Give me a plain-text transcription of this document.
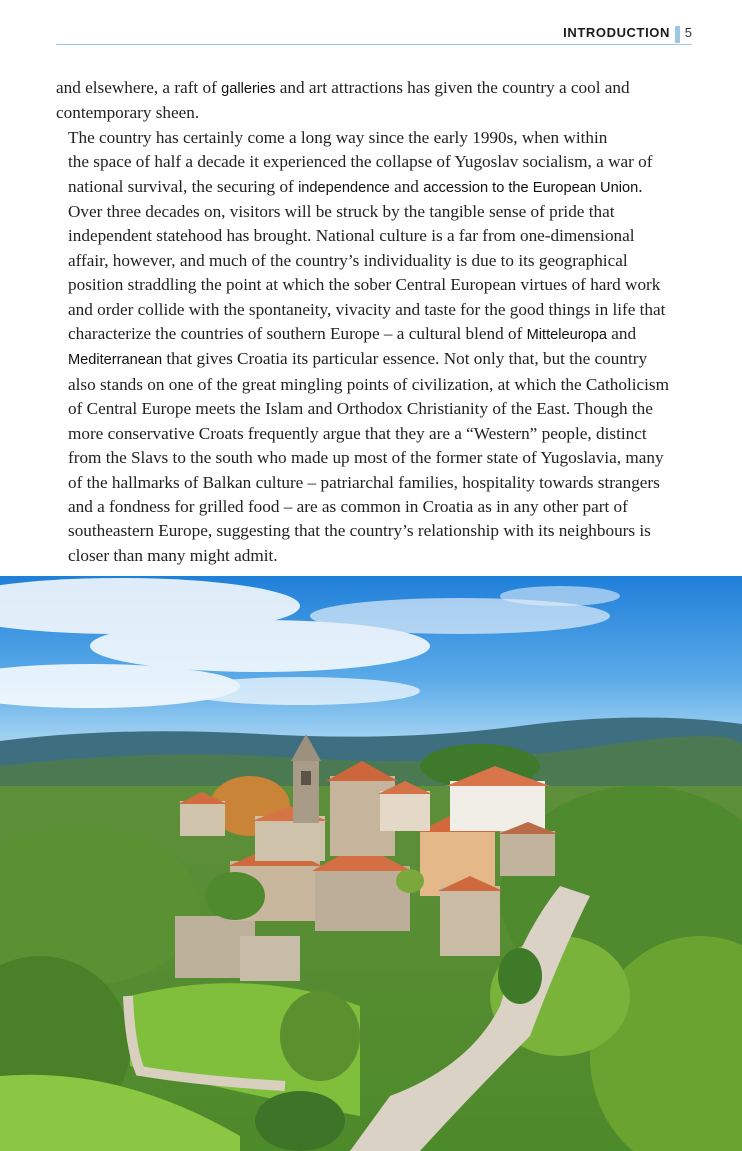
INTRODUCTION 5

and elsewhere, a raft of galleries and art attractions has given the country a cool and
contemporary sheen.

The country has certainly come a long way since the early 1990s, when within
the space of half a decade it experienced the collapse of Yugoslav socialism, a war of
national survival, the securing of independence and accession to the European Union.
Over three decades on, visitors will be struck by the tangible sense of pride that
independent statehood has brought. National culture is a far from one-dimensional
affair, however, and much of the country’s individuality is due to its geographical
position straddling the point at which the sober Central European virtues of hard work
and order collide with the spontaneity, vivacity and taste for the good things in life that
characterize the countries of southern Europe – a cultural blend of Mitteleuropa and
Mediterranean that gives Croatia its particular essence. Not only that, but the country
also stands on one of the great mingling points of civilization, at which the Catholicism
of Central Europe meets the Islam and Orthodox Christianity of the East. Though the
more conservative Croats frequently argue that they are a “Western” people, distinct
from the Slavs to the south who made up most of the former state of Yugoslavia, many
of the hallmarks of Balkan culture – patriarchal families, hospitality towards strangers
and a fondness for grilled food – are as common in Croatia as in any other part of
southeastern Europe, suggesting that the country’s relationship with its neighbours is
closer than many might admit.
